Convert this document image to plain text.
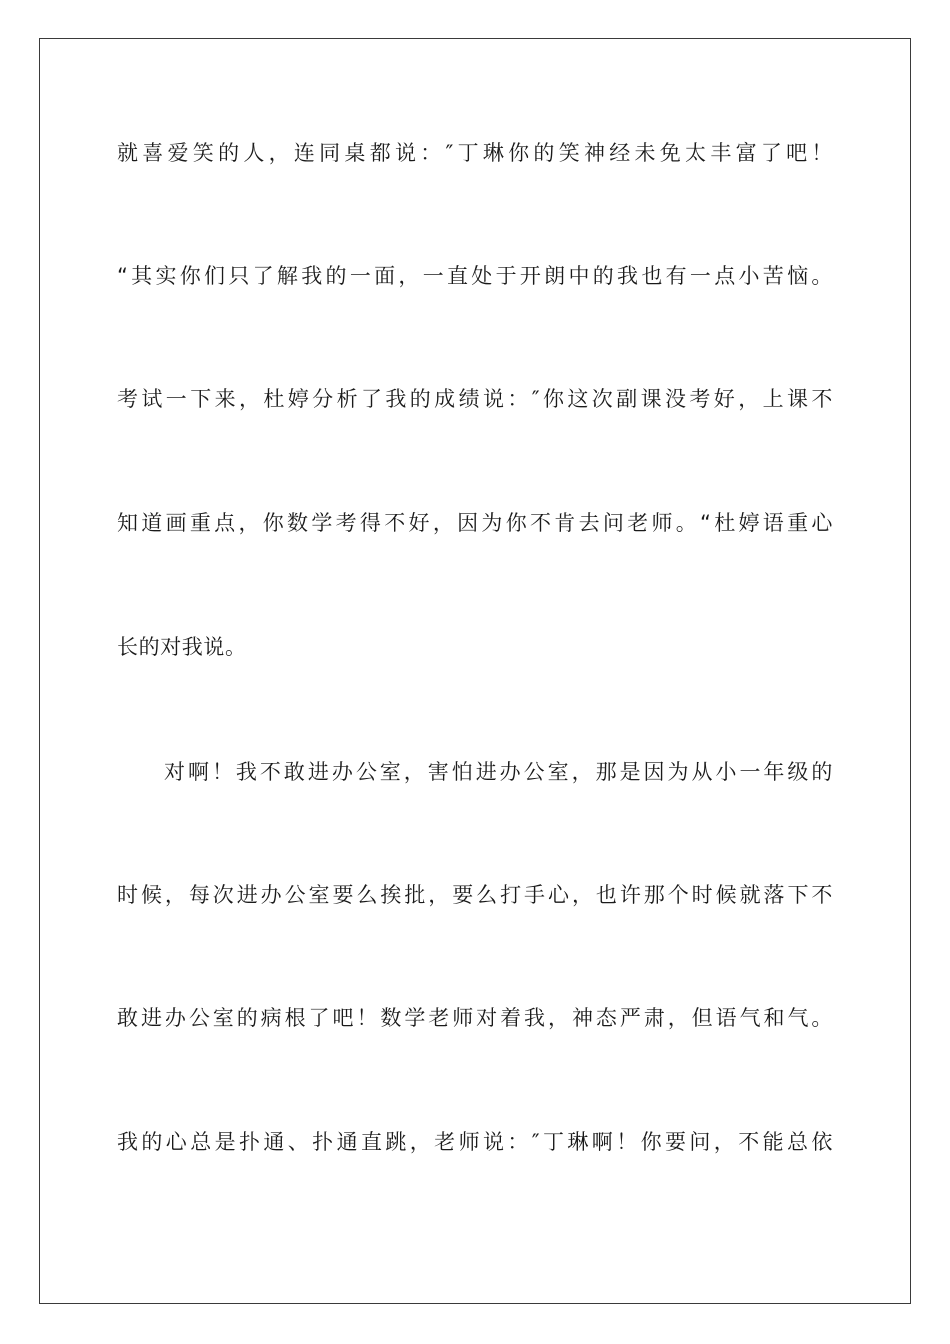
就喜爱笑的人，连同桌都说：″丁琳你的笑神经未免太丰富了吧！
“其实你们只了解我的一面，一直处于开朗中的我也有一点小苦恼。
考试一下来，杜婷分析了我的成绩说：″你这次副课没考好，上课不
知道画重点，你数学考得不好，因为你不肯去问老师。“杜婷语重心
长的对我说。
对啊！我不敢进办公室，害怕进办公室，那是因为从小一年级的
时候，每次进办公室要么挨批，要么打手心，也许那个时候就落下不
敢进办公室的病根了吧！数学老师对着我，神态严肃，但语气和气。
我的心总是扑通、扑通直跳，老师说：″丁琳啊！你要问，不能总依
